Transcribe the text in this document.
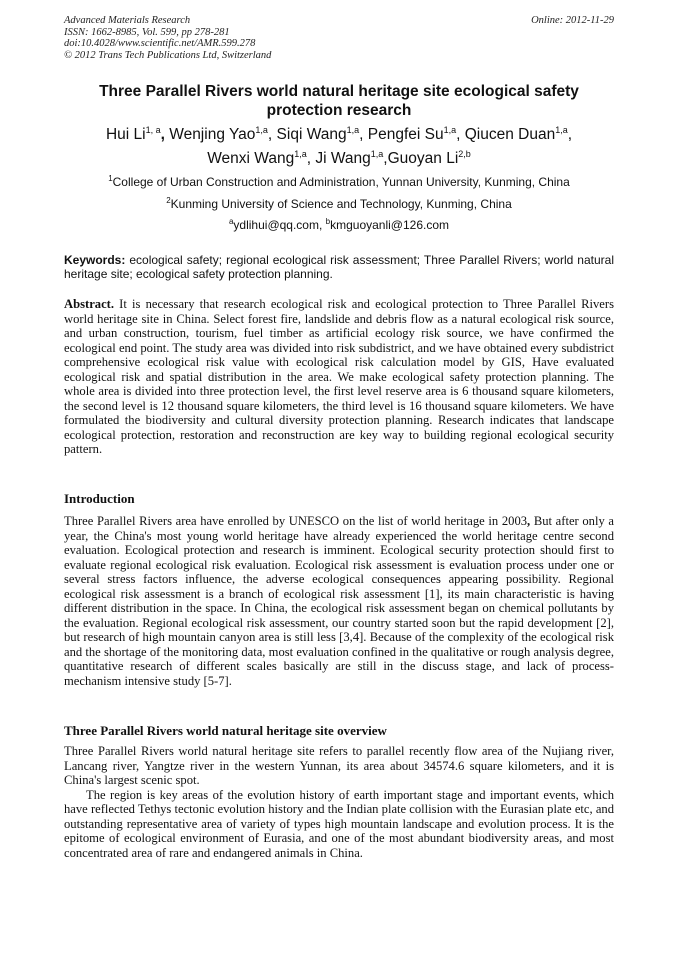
Advanced Materials Research
ISSN: 1662-8985, Vol. 599, pp 278-281
doi:10.4028/www.scientific.net/AMR.599.278
© 2012 Trans Tech Publications Ltd, Switzerland
Online: 2012-11-29
Three Parallel Rivers world natural heritage site ecological safety protection research
Hui Li$^{1, a}$, Wenjing Yao$^{1,a}$, Siqi Wang$^{1,a}$, Pengfei Su$^{1,a}$, Qiucen Duan$^{1,a}$,
Wenxi Wang$^{1,a}$, Ji Wang$^{1,a}$,Guoyan Li$^{2,b}$
$^1$College of Urban Construction and Administration, Yunnan University, Kunming, China
$^2$Kunming University of Science and Technology, Kunming, China
$^a$ydlihui@qq.com, $^b$kmguoyanli@126.com
Keywords: ecological safety; regional ecological risk assessment; Three Parallel Rivers; world natural heritage site; ecological safety protection planning.
Abstract. It is necessary that research ecological risk and ecological protection to Three Parallel Rivers world heritage site in China. Select forest fire, landslide and debris flow as a natural ecological risk source, and urban construction, tourism, fuel timber as artificial ecology risk source, we have confirmed the ecological end point. The study area was divided into risk subdistrict, and we have obtained every subdistrict comprehensive ecological risk value with ecological risk calculation model by GIS, Have evaluated ecological risk and spatial distribution in the area. We make ecological safety protection planning. The whole area is divided into three protection level, the first level reserve area is 6 thousand square kilometers, the second level is 12 thousand square kilometers, the third level is 16 thousand square kilometers. We have formulated the biodiversity and cultural diversity protection planning. Research indicates that landscape ecological protection, restoration and reconstruction are key way to building regional ecological security pattern.
Introduction
Three Parallel Rivers area have enrolled by UNESCO on the list of world heritage in 2003, But after only a year, the China's most young world heritage have already experienced the world heritage centre second evaluation. Ecological protection and research is imminent. Ecological security protection should first to evaluate regional ecological risk evaluation. Ecological risk assessment is evaluation process under one or several stress factors influence, the adverse ecological consequences appearing possibility. Regional ecological risk assessment is a branch of ecological risk assessment [1], its main characteristic is having different distribution in the space. In China, the ecological risk assessment began on chemical pollutants by the evaluation. Regional ecological risk assessment, our country started soon but the rapid development [2], but research of high mountain canyon area is still less [3,4]. Because of the complexity of the ecological risk and the shortage of the monitoring data, most evaluation confined in the qualitative or rough analysis degree, quantitative research of different scales basically are still in the discuss stage, and lack of process-mechanism intensive study [5-7].
Three Parallel Rivers world natural heritage site overview

Three Parallel Rivers world natural heritage site refers to parallel recently flow area of the Nujiang river, Lancang river, Yangtze river in the western Yunnan, its area about 34574.6 square kilometers, and it is China's largest scenic spot.

The region is key areas of the evolution history of earth important stage and important events, which have reflected Tethys tectonic evolution history and the Indian plate collision with the Eurasian plate etc, and outstanding representative area of variety of types high mountain landscape and evolution process. It is the epitome of ecological environment of Eurasia, and one of the most abundant biodiversity areas, and most concentrated area of rare and endangered animals in China.
